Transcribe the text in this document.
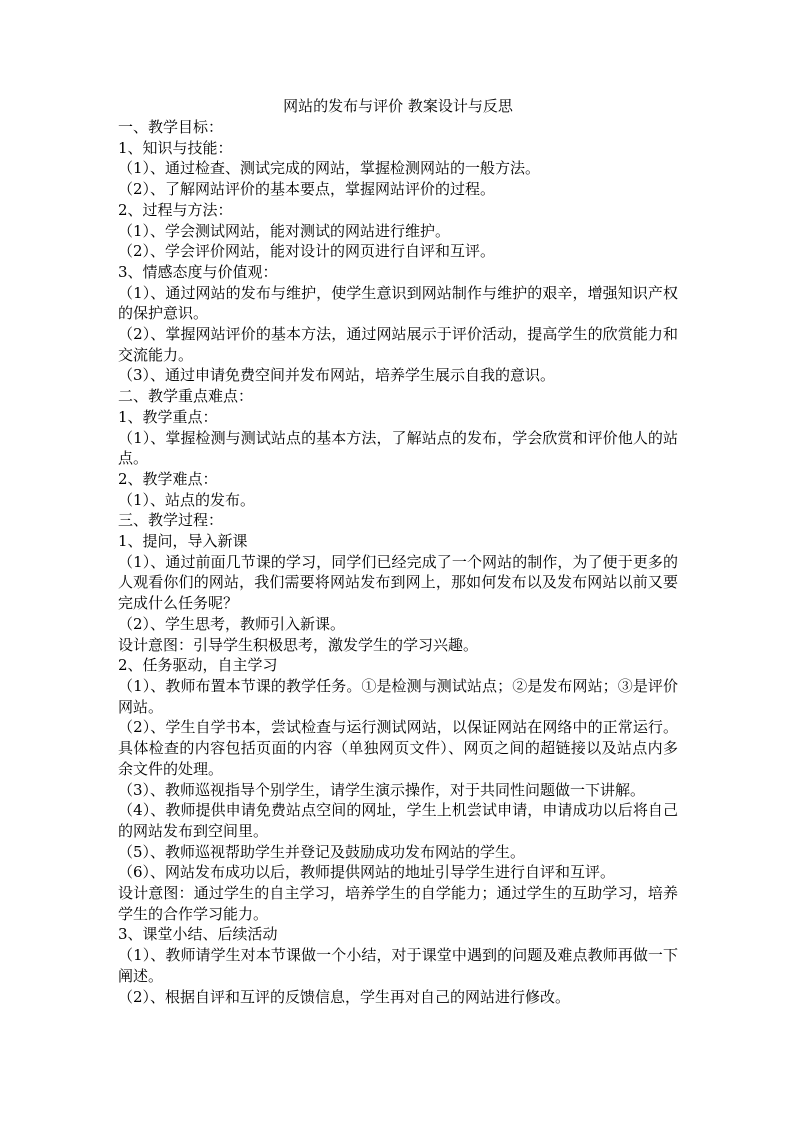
网站的发布与评价 教案设计与反思

一、教学目标：

1、知识与技能：

（1）、通过检查、测试完成的网站，掌握检测网站的一般方法。

（2）、了解网站评价的基本要点，掌握网站评价的过程。

2、过程与方法：

（1）、学会测试网站，能对测试的网站进行维护。

（2）、学会评价网站，能对设计的网页进行自评和互评。

3、情感态度与价值观：

（1）、通过网站的发布与维护，使学生意识到网站制作与维护的艰辛，增强知识产权的保护意识。

（2）、掌握网站评价的基本方法，通过网站展示于评价活动，提高学生的欣赏能力和交流能力。

（3）、通过申请免费空间并发布网站，培养学生展示自我的意识。

二、教学重点难点：

1、教学重点：

（1）、掌握检测与测试站点的基本方法，了解站点的发布，学会欣赏和评价他人的站点。

2、教学难点：

（1）、站点的发布。

三、教学过程：

1、提问，导入新课

（1）、通过前面几节课的学习，同学们已经完成了一个网站的制作，为了便于更多的人观看你们的网站，我们需要将网站发布到网上，那如何发布以及发布网站以前又要完成什么任务呢？

（2）、学生思考，教师引入新课。

设计意图：引导学生积极思考，激发学生的学习兴趣。

2、任务驱动，自主学习

（1）、教师布置本节课的教学任务。①是检测与测试站点；②是发布网站；③是评价网站。

（2）、学生自学书本，尝试检查与运行测试网站，以保证网站在网络中的正常运行。具体检查的内容包括页面的内容（单独网页文件）、网页之间的超链接以及站点内多余文件的处理。

（3）、教师巡视指导个别学生，请学生演示操作，对于共同性问题做一下讲解。

（4）、教师提供申请免费站点空间的网址，学生上机尝试申请，申请成功以后将自己的网站发布到空间里。

（5）、教师巡视帮助学生并登记及鼓励成功发布网站的学生。

（6）、网站发布成功以后，教师提供网站的地址引导学生进行自评和互评。

设计意图：通过学生的自主学习，培养学生的自学能力；通过学生的互助学习，培养学生的合作学习能力。

3、课堂小结、后续活动

（1）、教师请学生对本节课做一个小结，对于课堂中遇到的问题及难点教师再做一下阐述。

（2）、根据自评和互评的反馈信息，学生再对自己的网站进行修改。
